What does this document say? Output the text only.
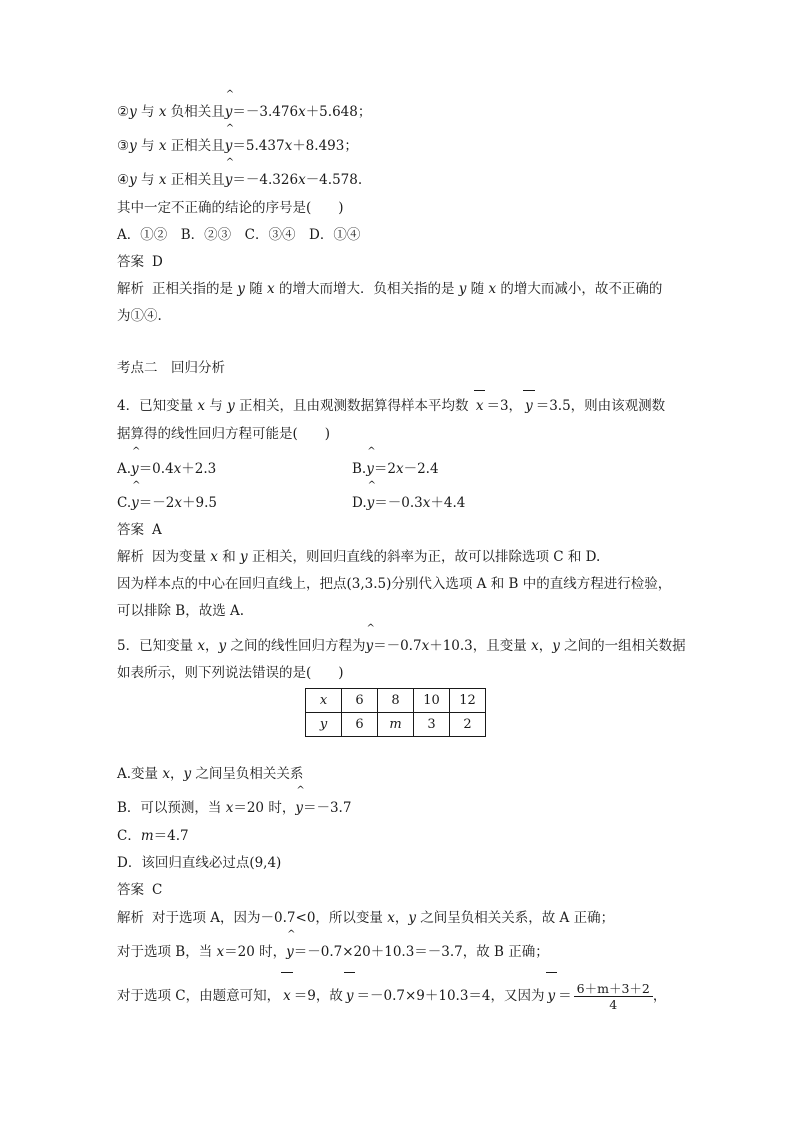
②y 与 x 负相关且^ y＝－3.476x＋5.648；
③y 与 x 正相关且^ y＝5.437x＋8.493；
④y 与 x 正相关且^ y＝－4.326x－4.578.
其中一定不正确的结论的序号是(　　)
A．①②　B．②③　C．③④　D．①④
答案 D
解析 正相关指的是 y 随 x 的增大而增大．负相关指的是 y 随 x 的增大而减小，故不正确的
为①④.
考点二　回归分析
4．已知变量 x 与 y 正相关，且由观测数据算得样本平均数 x ＝3， y ＝3.5，则由该观测数
据算得的线性回归方程可能是(　　)
A.^ y＝0.4x＋2.3	B.^ y＝2x－2.4
C.^ y＝－2x＋9.5	D.^ y＝－0.3x＋4.4
答案 A
解析 因为变量 x 和 y 正相关，则回归直线的斜率为正，故可以排除选项 C 和 D.
因为样本点的中心在回归直线上，把点(3,3.5)分别代入选项 A 和 B 中的直线方程进行检验，
可以排除 B，故选 A.
5．已知变量 x，y 之间的线性回归方程为^ y＝－0.7x＋10.3，且变量 x，y 之间的一组相关数据
如表所示，则下列说法错误的是(　　)
x	6	8	10	12
y	6	m	3	2
A.变量 x，y 之间呈负相关关系
B．可以预测，当 x＝20 时，^ y＝－3.7
C．m＝4.7
D．该回归直线必过点(9,4)
答案 C
解析 对于选项 A，因为－0.7<0，所以变量 x，y 之间呈负相关关系，故 A 正确；
对于选项 B，当 x＝20 时，^ y＝－0.7×20＋10.3＝－3.7，故 B 正确；
对于选项 C，由题意可知， x ＝9，故 y ＝－0.7×9＋10.3＝4，又因为 $y = \frac{6+m+3+2}{4}$ ，
